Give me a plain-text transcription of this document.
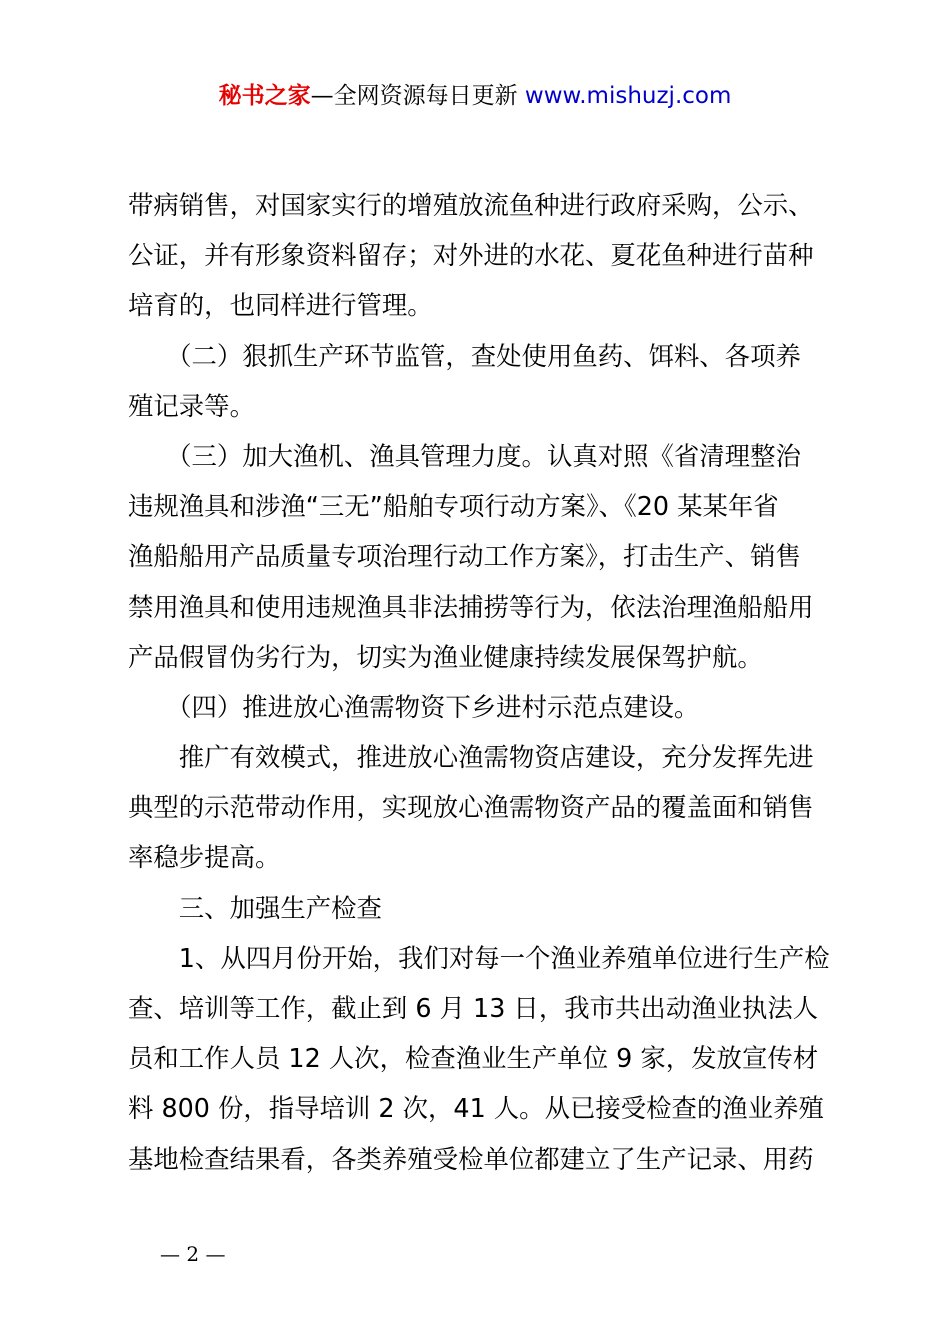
秘书之家—全网资源每日更新 www.mishuzj.com
带病销售，对国家实行的增殖放流鱼种进行政府采购，公示、
公证，并有形象资料留存；对外进的水花、夏花鱼种进行苗种
培育的，也同样进行管理。
　　（二）狠抓生产环节监管，查处使用鱼药、饵料、各项养
殖记录等。
　　（三）加大渔机、渔具管理力度。认真对照《省清理整治
违规渔具和涉渔“三无”船舶专项行动方案》、《20 某某年省
渔船船用产品质量专项治理行动工作方案》，打击生产、销售
禁用渔具和使用违规渔具非法捕捞等行为，依法治理渔船船用
产品假冒伪劣行为，切实为渔业健康持续发展保驾护航。
　　（四）推进放心渔需物资下乡进村示范点建设。
　　推广有效模式，推进放心渔需物资店建设，充分发挥先进
典型的示范带动作用，实现放心渔需物资产品的覆盖面和销售
率稳步提高。
　　三、加强生产检查
　　1、从四月份开始，我们对每一个渔业养殖单位进行生产检
查、培训等工作，截止到 6 月 13 日，我市共出动渔业执法人
员和工作人员 12 人次，检查渔业生产单位 9 家，发放宣传材
料 800 份，指导培训 2 次，41 人。从已接受检查的渔业养殖
基地检查结果看，各类养殖受检单位都建立了生产记录、用药
— 2 —
